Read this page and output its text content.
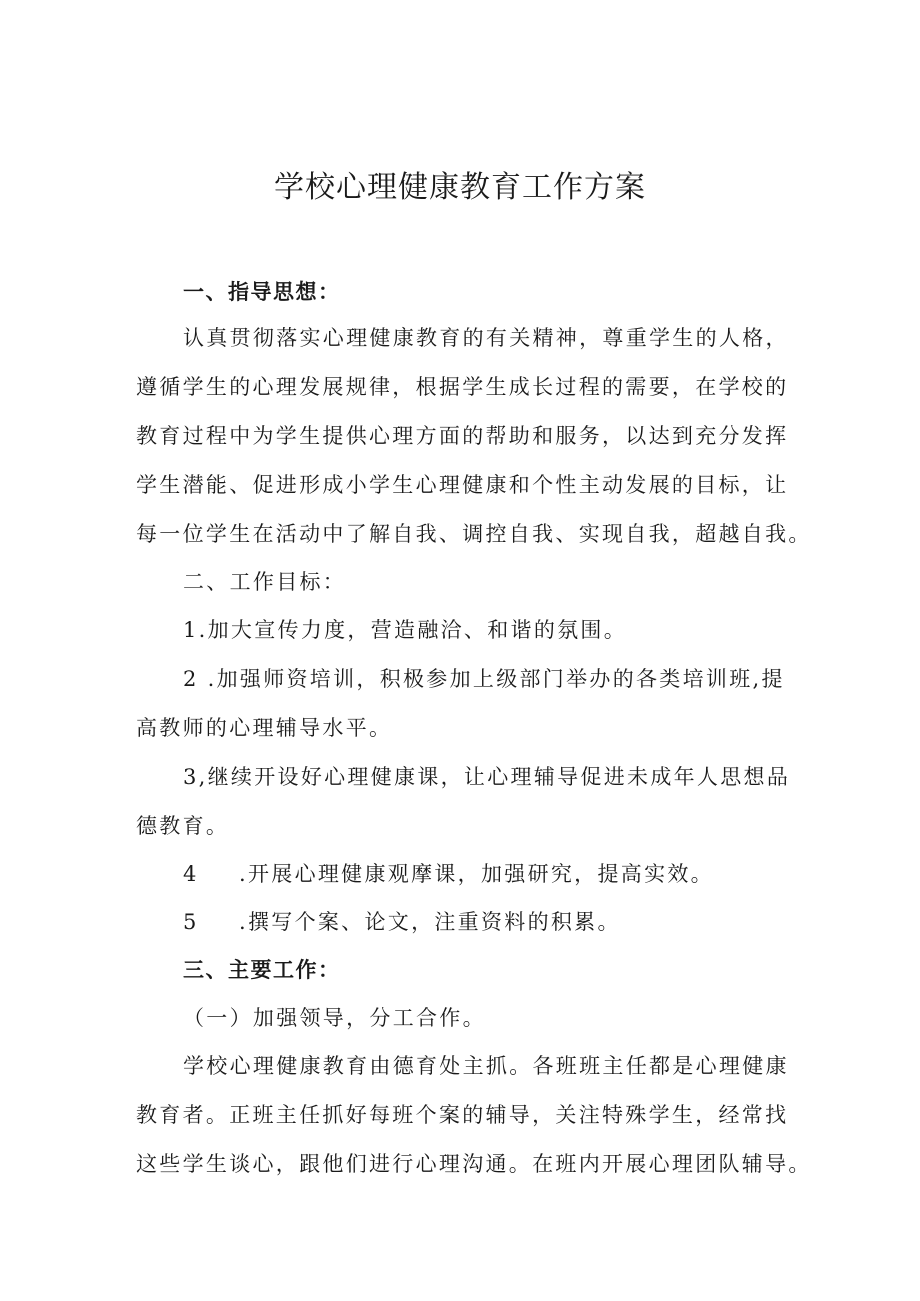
学校心理健康教育工作方案
一、指导思想：
认真贯彻落实心理健康教育的有关精神，尊重学生的人格，
遵循学生的心理发展规律，根据学生成长过程的需要，在学校的
教育过程中为学生提供心理方面的帮助和服务，以达到充分发挥
学生潜能、促进形成小学生心理健康和个性主动发展的目标，让
每一位学生在活动中了解自我、调控自我、实现自我，超越自我。
二、工作目标：
1.加大宣传力度，营造融洽、和谐的氛围。
2 .加强师资培训，积极参加上级部门举办的各类培训班,提
高教师的心理辅导水平。
3,继续开设好心理健康课，让心理辅导促进未成年人思想品
德教育。
4 .开展心理健康观摩课，加强研究，提高实效。
5 .撰写个案、论文，注重资料的积累。
三、主要工作：
（一）加强领导，分工合作。
学校心理健康教育由德育处主抓。各班班主任都是心理健康
教育者。正班主任抓好每班个案的辅导，关注特殊学生，经常找
这些学生谈心，跟他们进行心理沟通。在班内开展心理团队辅导。
